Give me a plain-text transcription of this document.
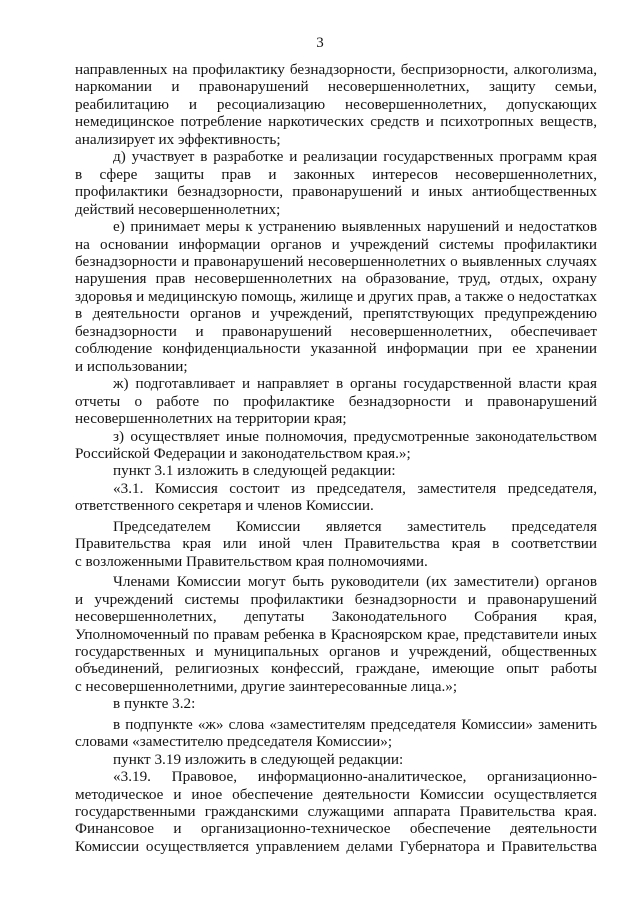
3
направленных на профилактику безнадзорности, беспризорности, алкоголизма,
наркомании и правонарушений несовершеннолетних, защиту семьи,
реабилитацию и ресоциализацию несовершеннолетних, допускающих
немедицинское потребление наркотических средств и психотропных веществ,
анализирует их эффективность;
д) участвует в разработке и реализации государственных программ края
в сфере защиты прав и законных интересов несовершеннолетних,
профилактики безнадзорности, правонарушений и иных антиобщественных
действий несовершеннолетних;
е) принимает меры к устранению выявленных нарушений и недостатков
на основании информации органов и учреждений системы профилактики
безнадзорности и правонарушений несовершеннолетних о выявленных случаях
нарушения прав несовершеннолетних на образование, труд, отдых, охрану
здоровья и медицинскую помощь, жилище и других прав, а также о недостатках
в деятельности органов и учреждений, препятствующих предупреждению
безнадзорности и правонарушений несовершеннолетних, обеспечивает
соблюдение конфиденциальности указанной информации при ее хранении
и использовании;
ж) подготавливает и направляет в органы государственной власти края
отчеты о работе по профилактике безнадзорности и правонарушений
несовершеннолетних на территории края;
з) осуществляет иные полномочия, предусмотренные законодательством
Российской Федерации и законодательством края.»;
пункт 3.1 изложить в следующей редакции:
«3.1. Комиссия состоит из председателя, заместителя председателя,
ответственного секретаря и членов Комиссии.
Председателем Комиссии является заместитель председателя
Правительства края или иной член Правительства края в соответствии
с возложенными Правительством края полномочиями.
Членами Комиссии могут быть руководители (их заместители) органов
и учреждений системы профилактики безнадзорности и правонарушений
несовершеннолетних, депутаты Законодательного Собрания края,
Уполномоченный по правам ребенка в Красноярском крае, представители иных
государственных и муниципальных органов и учреждений, общественных
объединений, религиозных конфессий, граждане, имеющие опыт работы
с несовершеннолетними, другие заинтересованные лица.»;
в пункте 3.2:
в подпункте «ж» слова «заместителям председателя Комиссии» заменить
словами «заместителю председателя Комиссии»;
пункт 3.19 изложить в следующей редакции:
«3.19. Правовое, информационно-аналитическое, организационно-
методическое и иное обеспечение деятельности Комиссии осуществляется
государственными гражданскими служащими аппарата Правительства края.
Финансовое и организационно-техническое обеспечение деятельности
Комиссии осуществляется управлением делами Губернатора и Правительства
